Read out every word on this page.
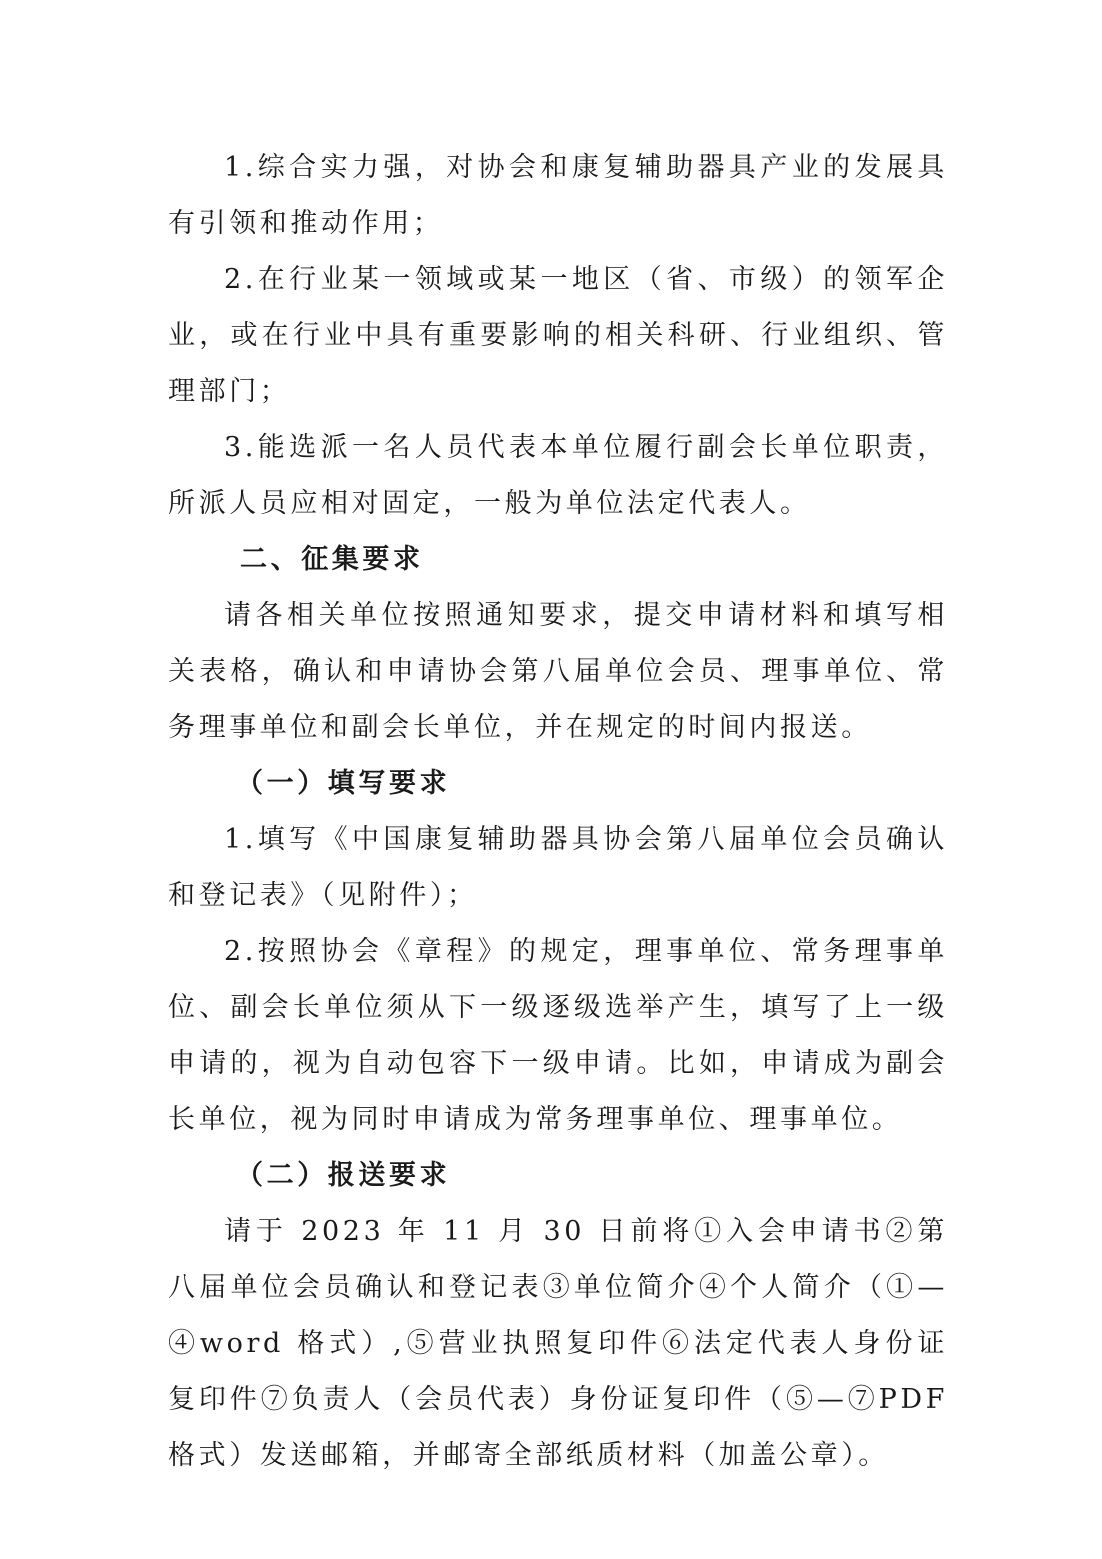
1.综合实力强，对协会和康复辅助器具产业的发展具有引领和推动作用；

2.在行业某一领域或某一地区（省、市级）的领军企业，或在行业中具有重要影响的相关科研、行业组织、管理部门；

3.能选派一名人员代表本单位履行副会长单位职责，所派人员应相对固定，一般为单位法定代表人。

二、征集要求

请各相关单位按照通知要求，提交申请材料和填写相关表格，确认和申请协会第八届单位会员、理事单位、常务理事单位和副会长单位，并在规定的时间内报送。

（一）填写要求

1.填写《中国康复辅助器具协会第八届单位会员确认和登记表》（见附件）；

2.按照协会《章程》的规定，理事单位、常务理事单位、副会长单位须从下一级逐级选举产生，填写了上一级申请的，视为自动包容下一级申请。比如，申请成为副会长单位，视为同时申请成为常务理事单位、理事单位。

（二）报送要求

请于 2023 年 11 月 30 日前将①入会申请书②第八届单位会员确认和登记表③单位简介④个人简介（①—④word 格式）,⑤营业执照复印件⑥法定代表人身份证复印件⑦负责人（会员代表）身份证复印件（⑤—⑦PDF 格式）发送邮箱，并邮寄全部纸质材料（加盖公章）。
